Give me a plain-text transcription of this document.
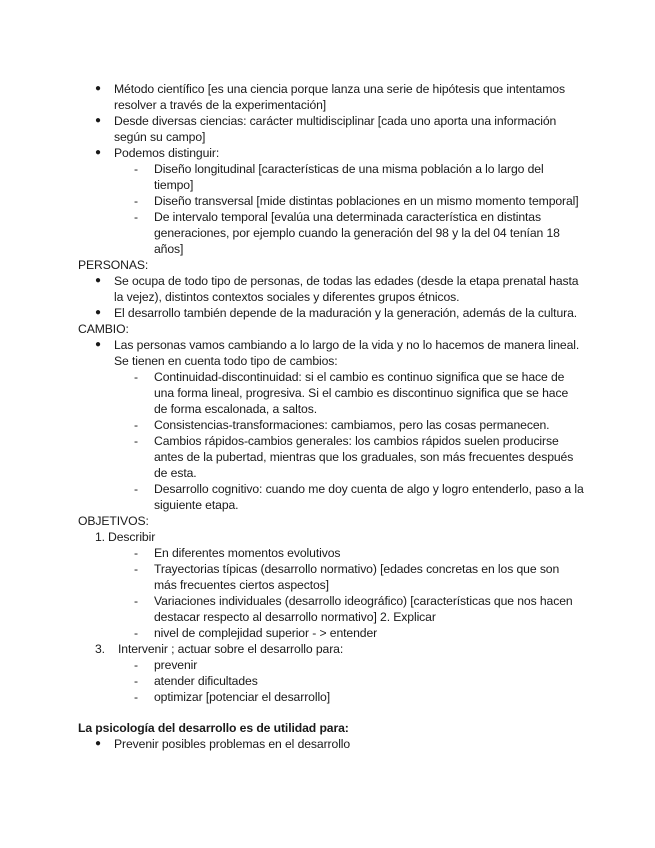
● Método científico [es una ciencia porque lanza una serie de hipótesis que intentamos
resolver a través de la experimentación]
● Desde diversas ciencias: carácter multidisciplinar [cada uno aporta una información
según su campo]
● Podemos distinguir:
- Diseño longitudinal [características de una misma población a lo largo del
tiempo]
- Diseño transversal [mide distintas poblaciones en un mismo momento temporal]
- De intervalo temporal [evalúa una determinada característica en distintas
generaciones, por ejemplo cuando la generación del 98 y la del 04 tenían 18
años]
PERSONAS:
● Se ocupa de todo tipo de personas, de todas las edades (desde la etapa prenatal hasta
la vejez), distintos contextos sociales y diferentes grupos étnicos.
● El desarrollo también depende de la maduración y la generación, además de la cultura.
CAMBIO:
● Las personas vamos cambiando a lo largo de la vida y no lo hacemos de manera lineal.
Se tienen en cuenta todo tipo de cambios:
- Continuidad-discontinuidad: si el cambio es continuo significa que se hace de
una forma lineal, progresiva. Si el cambio es discontinuo significa que se hace
de forma escalonada, a saltos.
- Consistencias-transformaciones: cambiamos, pero las cosas permanecen.
- Cambios rápidos-cambios generales: los cambios rápidos suelen producirse
antes de la pubertad, mientras que los graduales, son más frecuentes después
de esta.
- Desarrollo cognitivo: cuando me doy cuenta de algo y logro entenderlo, paso a la
siguiente etapa.
OBJETIVOS:
1. Describir
- En diferentes momentos evolutivos
- Trayectorias típicas (desarrollo normativo) [edades concretas en los que son
más frecuentes ciertos aspectos]
- Variaciones individuales (desarrollo ideográfico) [características que nos hacen
destacar respecto al desarrollo normativo] 2. Explicar
- nivel de complejidad superior - > entender
3. Intervenir ; actuar sobre el desarrollo para:
- prevenir
- atender dificultades
- optimizar [potenciar el desarrollo]
La psicología del desarrollo es de utilidad para:
● Prevenir posibles problemas en el desarrollo
